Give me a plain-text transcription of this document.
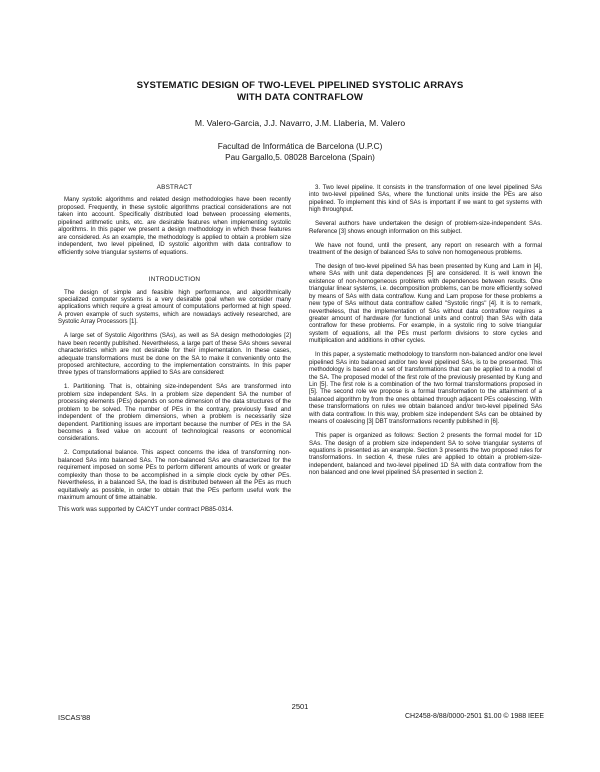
SYSTEMATIC DESIGN OF TWO-LEVEL PIPELINED SYSTOLIC ARRAYS
WITH DATA CONTRAFLOW
M. Valero-Garcia, J.J. Navarro, J.M. Llaberia, M. Valero
Facultad de Informática de Barcelona (U.P.C)
Pau Gargallo,5. 08028 Barcelona (Spain)

ABSTRACT

Many systolic algorithms and related design methodologies have been recently proposed. Frequently, in these systolic algorithms practical considerations are not taken into account. Specifically distributed load between processing elements, pipelined arithmetic units, etc. are desirable features when implementing systolic algorithms. In this paper we present a design methodology in which these features are considered. As an example, the methodology is applied to obtain a problem size independent, two level pipelined, ID systolic algorithm with data contraflow to efficiently solve triangular systems of equations.

INTRODUCTION

The design of simple and feasible high performance, and algorithmically specialized computer systems is a very desirable goal when we consider many applications which require a great amount of computations performed at high speed. A proven example of such systems, which are nowadays actively researched, are Systolic Array Processors [1].

A large set of Systolic Algorithms (SAs), as well as SA design methodologies [2] have been recently published. Nevertheless, a large part of these SAs shows several characteristics which are not desirable for their implementation. In these cases, adequate transformations must be done on the SA to make it conveniently onto the proposed architecture, according to the implementation constraints. In this paper three types of transformations applied to SAs are considered:

1. Partitioning. That is, obtaining size-independent SAs are transformed into problem size independent SAs. In a problem size dependent SA the number of processing elements (PEs) depends on some dimension of the data structures of the problem to be solved. The number of PEs in the contrary, previously fixed and independent of the problem dimensions, when a problem is necessarily size dependent. Partitioning issues are important because the number of PEs in the SA becomes a fixed value on account of technological reasons or economical considerations.

2. Computational balance. This aspect concerns the idea of transforming non-balanced SAs into balanced SAs. The non-balanced SAs are characterized for the requirement imposed on some PEs to perform different amounts of work or greater complexity than those to be accomplished in a simple clock cycle by other PEs. Nevertheless, in a balanced SA, the load is distributed between all the PEs as much equitatively as possible, in order to obtain that the PEs perform useful work the maximum amount of time attainable.

This work was supported by CAICYT under contract PB85-0314.

3. Two level pipeline. It consists in the transformation of one level pipelined SAs into two-level pipelined SAs, where the functional units inside the PEs are also pipelined. To implement this kind of SAs is important if we want to get systems with high throughput.

Several authors have undertaken the design of problem-size-independent SAs. Reference [3] shows enough information on this subject.

We have not found, until the present, any report on research with a formal treatment of the design of balanced SAs to solve non homogeneous problems.

The design of two-level pipelined SA has been presented by Kung and Lam in [4], where SAs with unit data dependences [5] are considered. It is well known the existence of non-homogeneous problems with dependences between results. One triangular linear systems, i.e. decomposition problems, can be more efficiently solved by means of SAs with data contraflow. Kung and Lam propose for these problems a new type of SAs without data contraflow called "Systolic rings" [4]. It is to remark, nevertheless, that the implementation of SAs without data contraflow requires a greater amount of hardware (for functional units and control) than SAs with data contraflow for these problems. For example, in a systolic ring to solve triangular system of equations, all the PEs must perform divisions to store cycles and multiplication and additions in other cycles.

In this paper, a systematic methodology to transform non-balanced and/or one level pipelined SAs into balanced and/or two level pipelined SAs, is to be presented. This methodology is based on a set of transformations that can be applied to a model of the SA. The proposed model of the first role of the previously presented by Kung and Lin [5]. The first role is a combination of the two formal transformations proposed in [5]. The second role we propose is a formal transformation to the attainment of a balanced algorithm by from the ones obtained through adjacent PEs coalescing. With these transformations on rules we obtain balanced and/or two-level pipelined SAs with data contraflow. In this way, problem size independent SAs can be obtained by means of coalescing [3] DBT transformations recently published in [6].

This paper is organized as follows: Section 2 presents the formal model for 1D SAs. The design of a problem size independent SA to solve triangular systems of equations is presented as an example. Section 3 presents the two proposed rules for transformations. In section 4, these rules are applied to obtain a problem-size-independent, balanced and two-level pipelined 1D SA with data contraflow from the non balanced and one level pipelined SA presented in section 2.

2501
ISCAS'88	CH2458-8/88/0000-2501 $1.00 © 1988 IEEE
